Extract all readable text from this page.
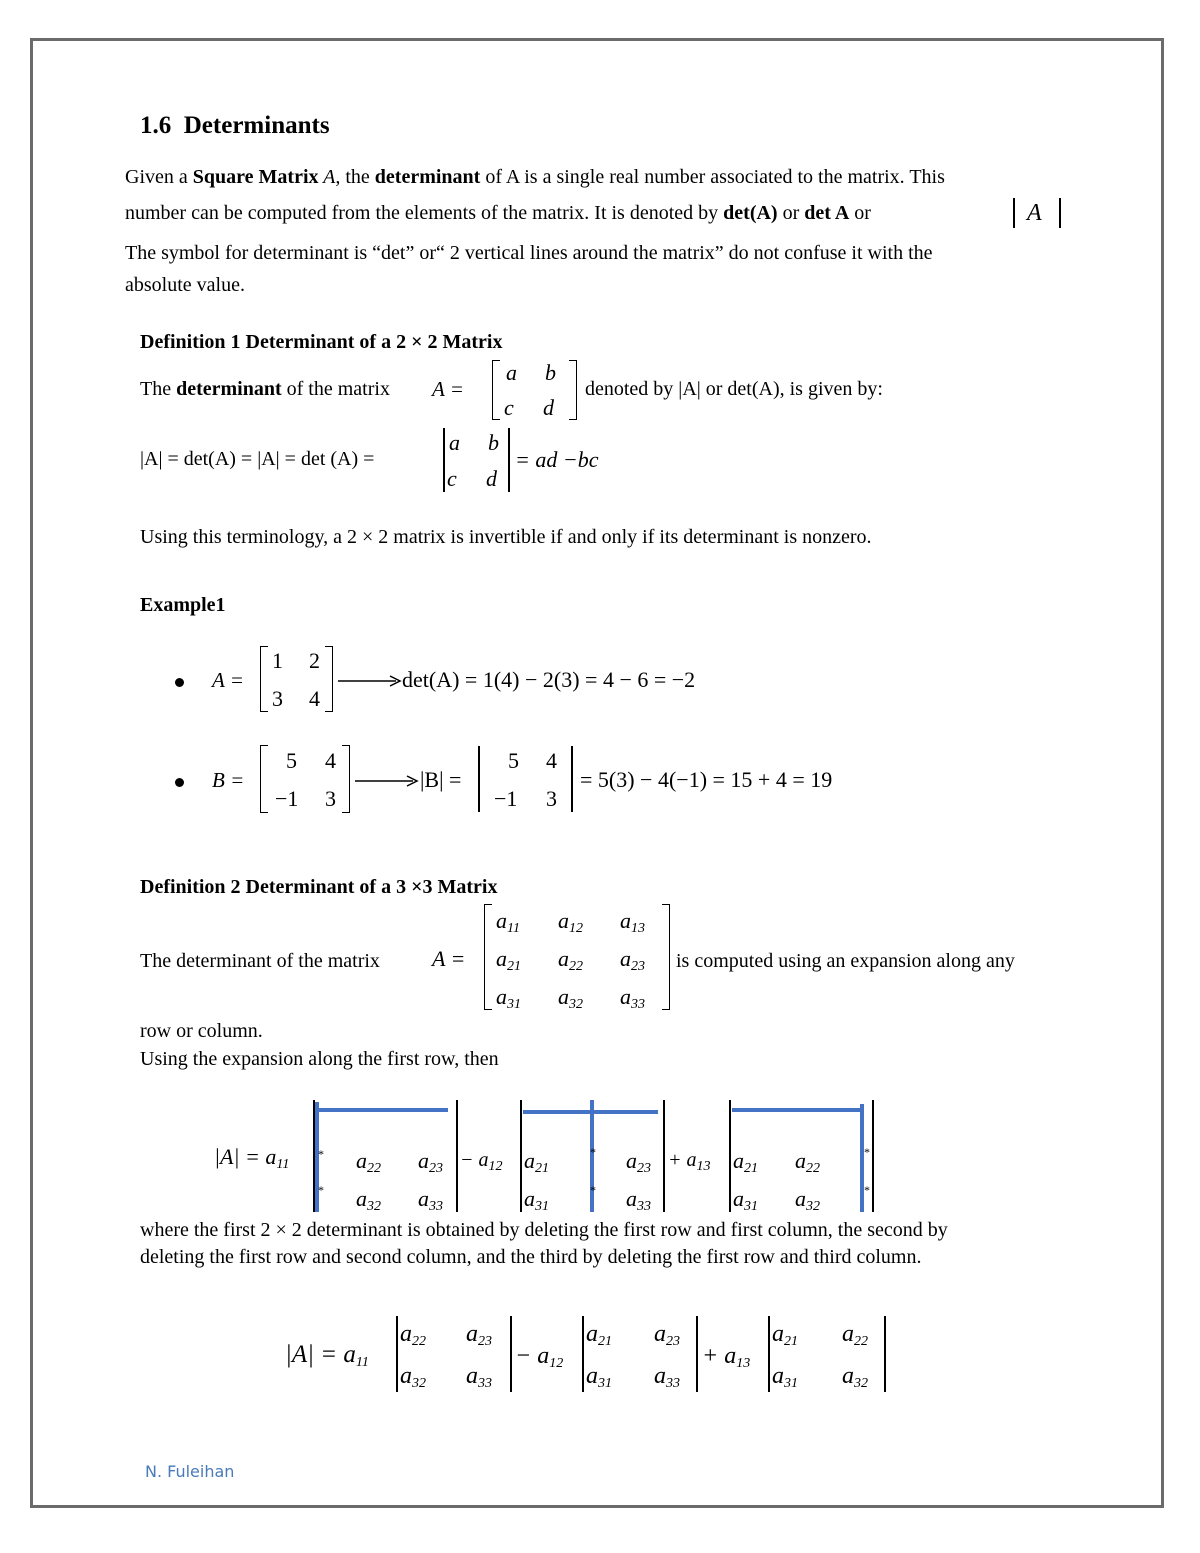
1.6 Determinants
Given a Square Matrix A, the determinant of A is a single real number associated to the matrix. This
number can be computed from the elements of the matrix. It is denoted by det(A) or det A or	A
The symbol for determinant is “det” or“ 2 vertical lines around the matrix” do not confuse it with the
absolute value.
Definition 1 Determinant of a 2 × 2 Matrix
The determinant of the matrix A =
a b
c d
denoted by |A| or det(A), is given by:
|A| = det(A) = |A| = det (A) =
a b
c d
= ad −bc
Using this terminology, a 2 × 2 matrix is invertible if and only if its determinant is nonzero.
Example1
A =
1 2
3 4
det(A) = 1(4) − 2(3) = 4 − 6 = −2
B =
5 4
−1 3
|B| =
5 4
−1 3
= 5(3) − 4(−1) = 15 + 4 = 19
Definition 2 Determinant of a 3 ×3 Matrix
The determinant of the matrix A =
$a_{11}$ $a_{12}$ $a_{13}$
$a_{21}$ $a_{22}$ $a_{23}$
$a_{31}$ $a_{32}$ $a_{33}$
is computed using an expansion along any
row or column.
Using the expansion along the first row, then
$|A| = a_{11}$
*
*
$a_{22}$ $a_{23}$
$a_{32}$ $a_{33}$
− $a_{12}$
*
*
$a_{21}$	$a_{23}$
$a_{31}$	$a_{33}$
+ $a_{13}$
*
*
$a_{21}$ $a_{22}$
$a_{31}$ $a_{32}$
where the first 2 × 2 determinant is obtained by deleting the first row and first column, the second by
deleting the first row and second column, and the third by deleting the first row and third column.
$|A| = a_{11}$
$a_{22}$ $a_{23}$
$a_{32}$ $a_{33}$
− $a_{12}$
$a_{21}$ $a_{23}$
$a_{31}$ $a_{33}$
+ $a_{13}$
$a_{21}$ $a_{22}$
$a_{31}$ $a_{32}$
N. Fuleihan
